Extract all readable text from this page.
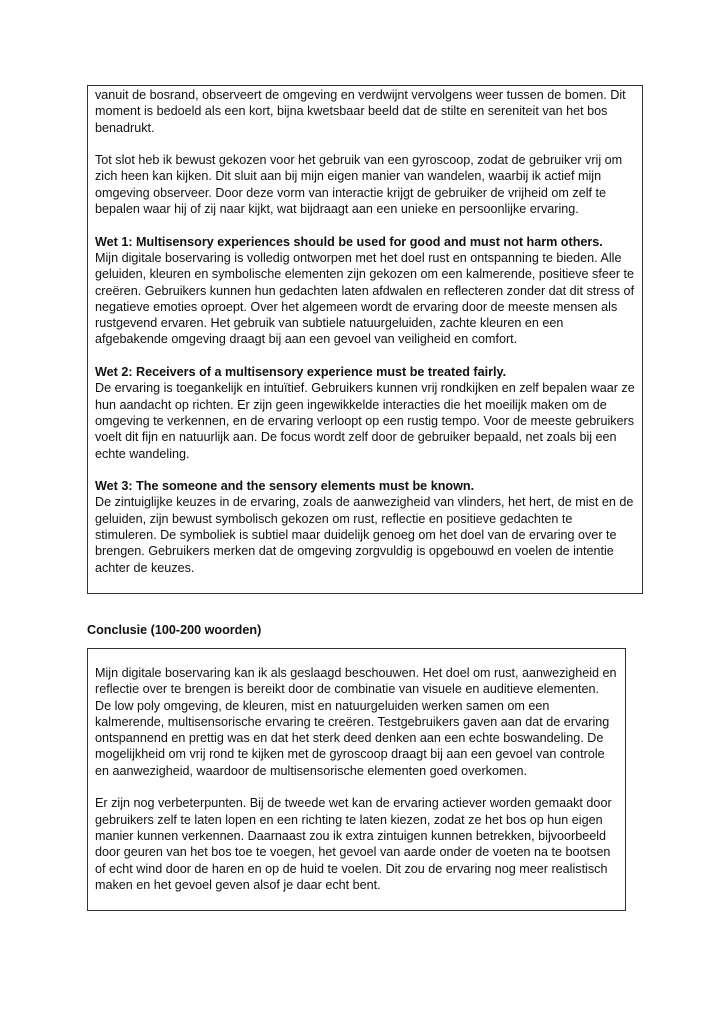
vanuit de bosrand, observeert de omgeving en verdwijnt vervolgens weer tussen de bomen. Dit moment is bedoeld als een kort, bijna kwetsbaar beeld dat de stilte en sereniteit van het bos benadrukt.

Tot slot heb ik bewust gekozen voor het gebruik van een gyroscoop, zodat de gebruiker vrij om zich heen kan kijken. Dit sluit aan bij mijn eigen manier van wandelen, waarbij ik actief mijn omgeving observeer. Door deze vorm van interactie krijgt de gebruiker de vrijheid om zelf te bepalen waar hij of zij naar kijkt, wat bijdraagt aan een unieke en persoonlijke ervaring.

Wet 1: Multisensory experiences should be used for good and must not harm others.
Mijn digitale boservaring is volledig ontworpen met het doel rust en ontspanning te bieden. Alle geluiden, kleuren en symbolische elementen zijn gekozen om een kalmerende, positieve sfeer te creëren. Gebruikers kunnen hun gedachten laten afdwalen en reflecteren zonder dat dit stress of negatieve emoties oproept. Over het algemeen wordt de ervaring door de meeste mensen als rustgevend ervaren. Het gebruik van subtiele natuurgeluiden, zachte kleuren en een afgebakende omgeving draagt bij aan een gevoel van veiligheid en comfort.

Wet 2: Receivers of a multisensory experience must be treated fairly.
De ervaring is toegankelijk en intuïtief. Gebruikers kunnen vrij rondkijken en zelf bepalen waar ze hun aandacht op richten. Er zijn geen ingewikkelde interacties die het moeilijk maken om de omgeving te verkennen, en de ervaring verloopt op een rustig tempo. Voor de meeste gebruikers voelt dit fijn en natuurlijk aan. De focus wordt zelf door de gebruiker bepaald, net zoals bij een echte wandeling.

Wet 3: The someone and the sensory elements must be known.
De zintuiglijke keuzes in de ervaring, zoals de aanwezigheid van vlinders, het hert, de mist en de geluiden, zijn bewust symbolisch gekozen om rust, reflectie en positieve gedachten te stimuleren. De symboliek is subtiel maar duidelijk genoeg om het doel van de ervaring over te brengen. Gebruikers merken dat de omgeving zorgvuldig is opgebouwd en voelen de intentie achter de keuzes.

Conclusie (100-200 woorden)

Mijn digitale boservaring kan ik als geslaagd beschouwen. Het doel om rust, aanwezigheid en reflectie over te brengen is bereikt door de combinatie van visuele en auditieve elementen. De low poly omgeving, de kleuren, mist en natuurgeluiden werken samen om een kalmerende, multisensorische ervaring te creëren. Testgebruikers gaven aan dat de ervaring ontspannend en prettig was en dat het sterk deed denken aan een echte boswandeling. De mogelijkheid om vrij rond te kijken met de gyroscoop draagt bij aan een gevoel van controle en aanwezigheid, waardoor de multisensorische elementen goed overkomen.

Er zijn nog verbeterpunten. Bij de tweede wet kan de ervaring actiever worden gemaakt door gebruikers zelf te laten lopen en een richting te laten kiezen, zodat ze het bos op hun eigen manier kunnen verkennen. Daarnaast zou ik extra zintuigen kunnen betrekken, bijvoorbeeld door geuren van het bos toe te voegen, het gevoel van aarde onder de voeten na te bootsen of echt wind door de haren en op de huid te voelen. Dit zou de ervaring nog meer realistisch maken en het gevoel geven alsof je daar echt bent.
